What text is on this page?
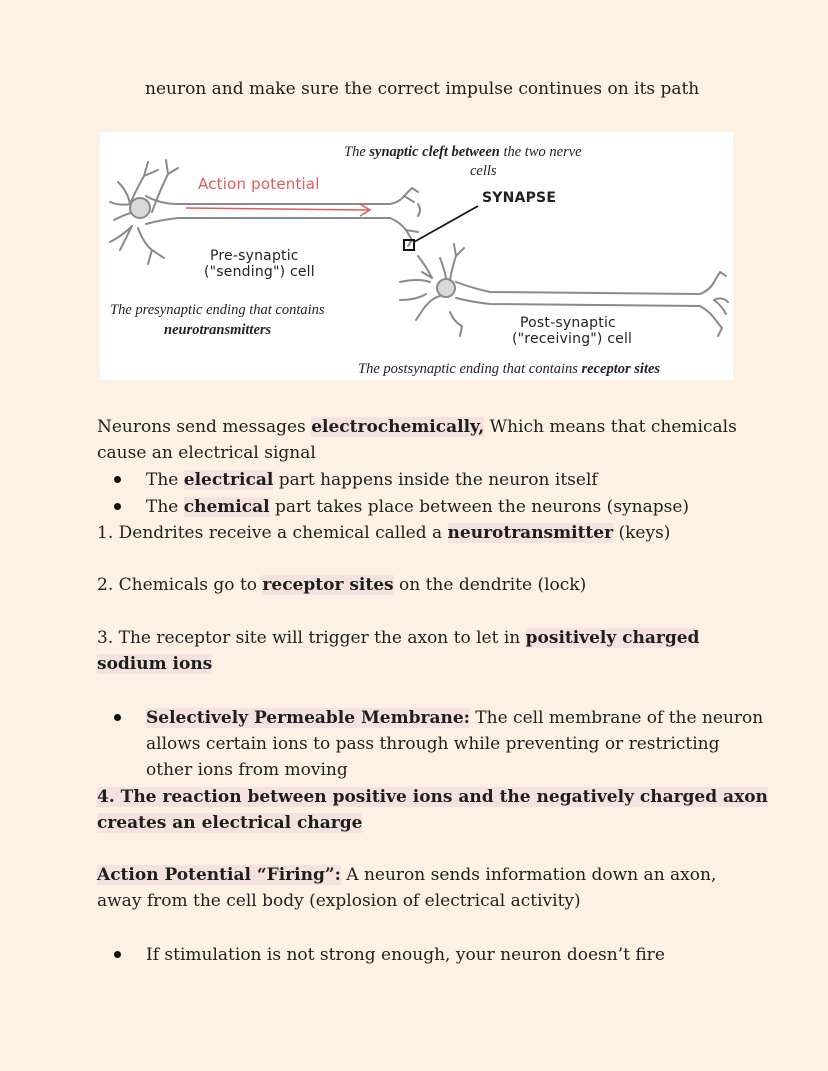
neuron and make sure the correct impulse continues on its path

The synaptic cleft between the two nerve
cells
Action potential
SYNAPSE
Pre-synaptic
("sending") cell
The presynaptic ending that contains
neurotransmitters	Post-synaptic
("receiving") cell
The postsynaptic ending that contains receptor sites
Neurons send messages electrochemically, Which means that chemicals
cause an electrical signal
The electrical part happens inside the neuron itself
The chemical part takes place between the neurons (synapse)
1. Dendrites receive a chemical called a neurotransmitter (keys)
2. Chemicals go to receptor sites on the dendrite (lock)
3. The receptor site will trigger the axon to let in positively charged
sodium ions
Selectively Permeable Membrane: The cell membrane of the neuron
allows certain ions to pass through while preventing or restricting
other ions from moving
4. The reaction between positive ions and the negatively charged axon
creates an electrical charge
Action Potential “Firing”: A neuron sends information down an axon,
away from the cell body (explosion of electrical activity)
If stimulation is not strong enough, your neuron doesn’t fire
